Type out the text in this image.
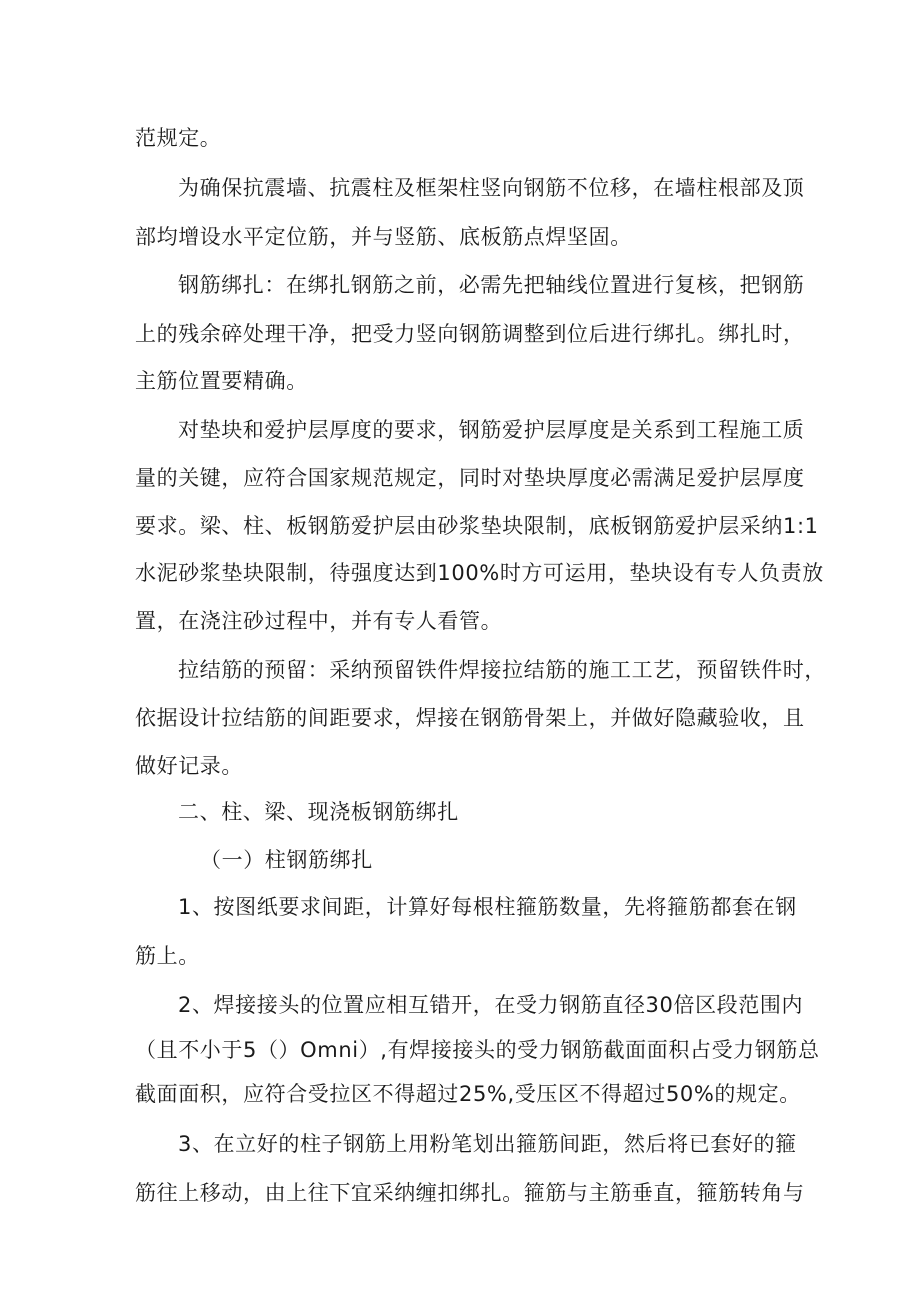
范规定。
为确保抗震墙、抗震柱及框架柱竖向钢筋不位移，在墙柱根部及顶
部均增设水平定位筋，并与竖筋、底板筋点焊坚固。
钢筋绑扎：在绑扎钢筋之前，必需先把轴线位置进行复核，把钢筋
上的残余碎处理干净，把受力竖向钢筋调整到位后进行绑扎。绑扎时，
主筋位置要精确。
对垫块和爱护层厚度的要求，钢筋爱护层厚度是关系到工程施工质
量的关键，应符合国家规范规定，同时对垫块厚度必需满足爱护层厚度
要求。梁、柱、板钢筋爱护层由砂浆垫块限制，底板钢筋爱护层采纳1:1
水泥砂浆垫块限制，待强度达到100%时方可运用，垫块设有专人负责放
置，在浇注砂过程中，并有专人看管。
拉结筋的预留：采纳预留铁件焊接拉结筋的施工工艺，预留铁件时，
依据设计拉结筋的间距要求，焊接在钢筋骨架上，并做好隐藏验收，且
做好记录。
二、柱、梁、现浇板钢筋绑扎
（一）柱钢筋绑扎
1、按图纸要求间距，计算好每根柱箍筋数量，先将箍筋都套在钢
筋上。
2、焊接接头的位置应相互错开，在受力钢筋直径30倍区段范围内
（且不小于5（）Omni）,有焊接接头的受力钢筋截面面积占受力钢筋总
截面面积，应符合受拉区不得超过25%,受压区不得超过50%的规定。
3、在立好的柱子钢筋上用粉笔划出箍筋间距，然后将已套好的箍
筋往上移动，由上往下宜采纳缠扣绑扎。箍筋与主筋垂直，箍筋转角与
